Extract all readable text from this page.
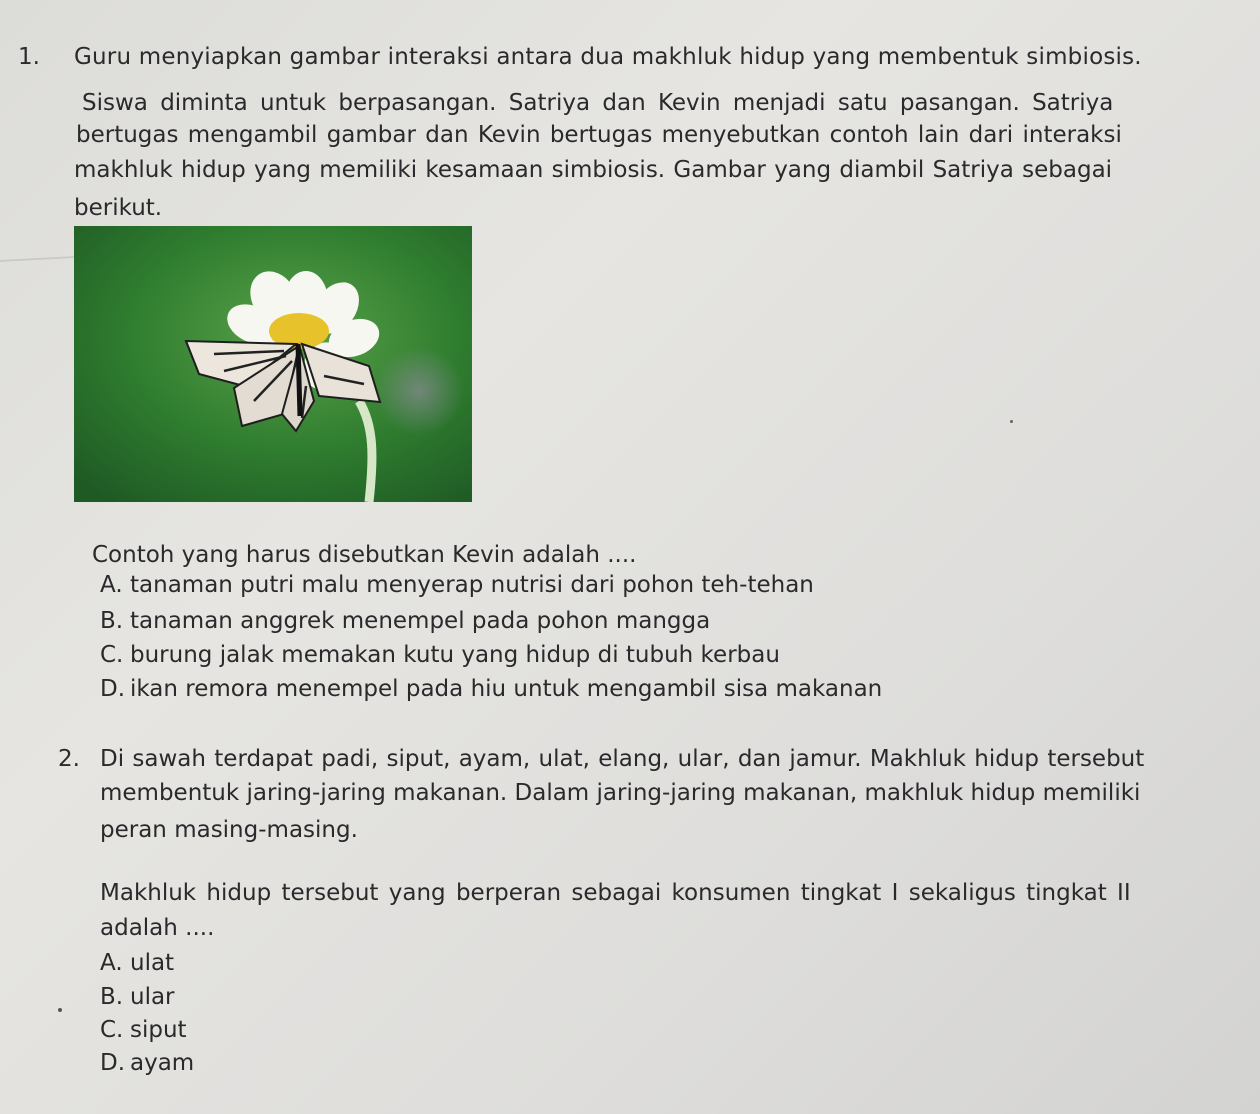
1. Guru menyiapkan gambar interaksi antara dua makhluk hidup yang membentuk simbiosis.
Siswa diminta untuk berpasangan. Satriya dan Kevin menjadi satu pasangan. Satriya
bertugas mengambil gambar dan Kevin bertugas menyebutkan contoh lain dari interaksi
makhluk hidup yang memiliki kesamaan simbiosis. Gambar yang diambil Satriya sebagai
berikut.
Contoh yang harus disebutkan Kevin adalah ....
A. tanaman putri malu menyerap nutrisi dari pohon teh-tehan
B. tanaman anggrek menempel pada pohon mangga
C. burung jalak memakan kutu yang hidup di tubuh kerbau
D. ikan remora menempel pada hiu untuk mengambil sisa makanan
2. Di sawah terdapat padi, siput, ayam, ulat, elang, ular, dan jamur. Makhluk hidup tersebut
membentuk jaring-jaring makanan. Dalam jaring-jaring makanan, makhluk hidup memiliki
peran masing-masing.
Makhluk hidup tersebut yang berperan sebagai konsumen tingkat I sekaligus tingkat II
adalah ....
A. ulat
B. ular
C. siput
D. ayam
